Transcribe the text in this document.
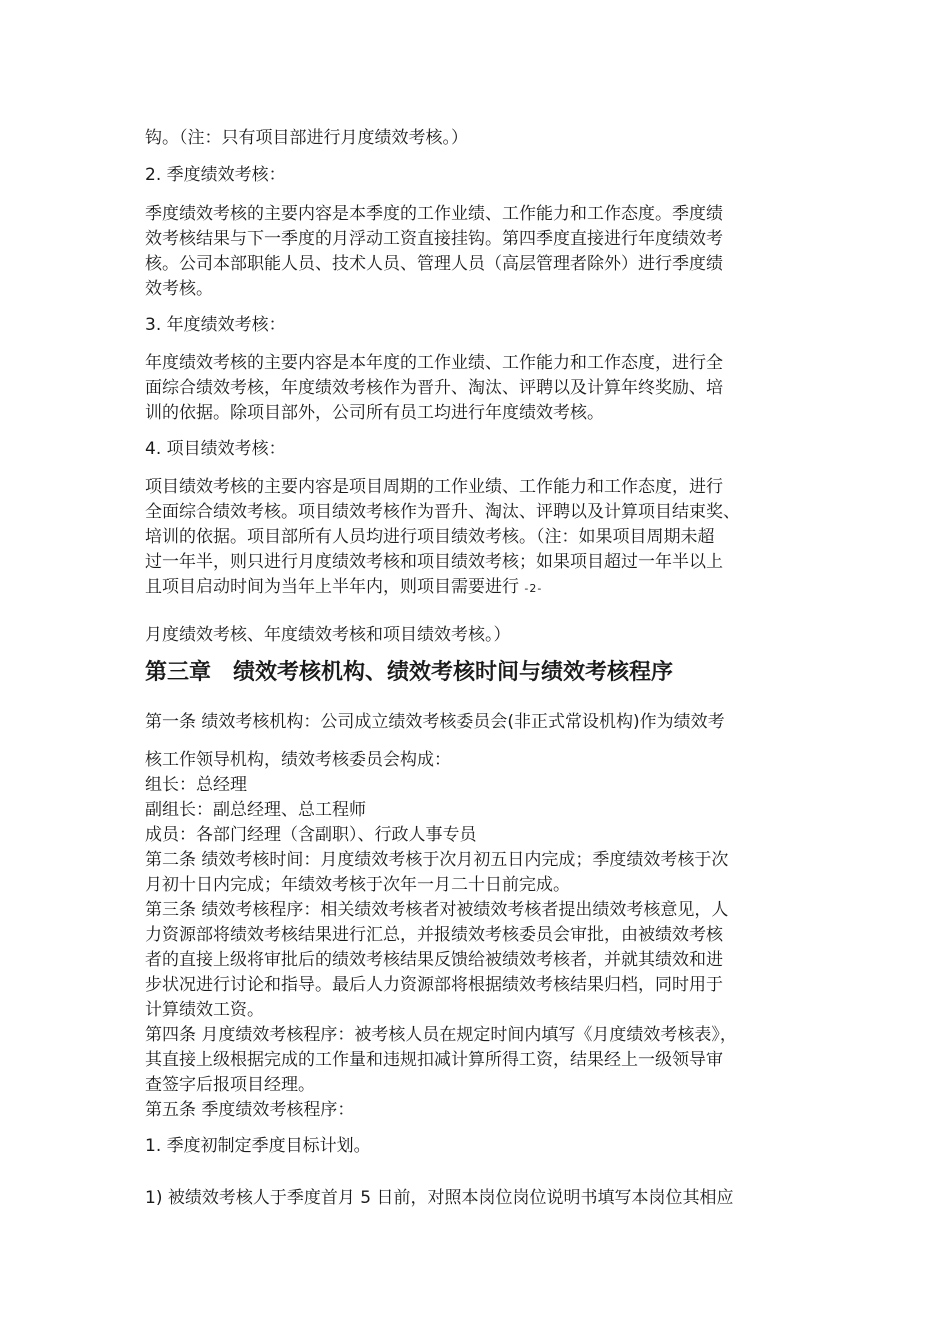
钩。（注：只有项目部进行月度绩效考核。）
2. 季度绩效考核：
季度绩效考核的主要内容是本季度的工作业绩、工作能力和工作态度。季度绩
效考核结果与下一季度的月浮动工资直接挂钩。第四季度直接进行年度绩效考
核。公司本部职能人员、技术人员、管理人员（高层管理者除外）进行季度绩
效考核。
3. 年度绩效考核：
年度绩效考核的主要内容是本年度的工作业绩、工作能力和工作态度，进行全
面综合绩效考核，年度绩效考核作为晋升、淘汰、评聘以及计算年终奖励、培
训的依据。除项目部外，公司所有员工均进行年度绩效考核。
4. 项目绩效考核：
项目绩效考核的主要内容是项目周期的工作业绩、工作能力和工作态度，进行
全面综合绩效考核。项目绩效考核作为晋升、淘汰、评聘以及计算项目结束奖、
培训的依据。项目部所有人员均进行项目绩效考核。（注：如果项目周期未超
过一年半，则只进行月度绩效考核和项目绩效考核；如果项目超过一年半以上
且项目启动时间为当年上半年内，则项目需要进行 -2-
月度绩效考核、年度绩效考核和项目绩效考核。）
第三章　绩效考核机构、绩效考核时间与绩效考核程序
第一条 绩效考核机构：公司成立绩效考核委员会(非正式常设机构)作为绩效考
核工作领导机构，绩效考核委员会构成：
组长：总经理
副组长：副总经理、总工程师
成员：各部门经理（含副职）、行政人事专员
第二条 绩效考核时间：月度绩效考核于次月初五日内完成；季度绩效考核于次
月初十日内完成；年绩效考核于次年一月二十日前完成。
第三条 绩效考核程序：相关绩效考核者对被绩效考核者提出绩效考核意见，人
力资源部将绩效考核结果进行汇总，并报绩效考核委员会审批，由被绩效考核
者的直接上级将审批后的绩效考核结果反馈给被绩效考核者，并就其绩效和进
步状况进行讨论和指导。最后人力资源部将根据绩效考核结果归档，同时用于
计算绩效工资。
第四条 月度绩效考核程序：被考核人员在规定时间内填写《月度绩效考核表》，
其直接上级根据完成的工作量和违规扣减计算所得工资，结果经上一级领导审
查签字后报项目经理。
第五条 季度绩效考核程序：
1. 季度初制定季度目标计划。
1) 被绩效考核人于季度首月 5 日前，对照本岗位岗位说明书填写本岗位其相应
